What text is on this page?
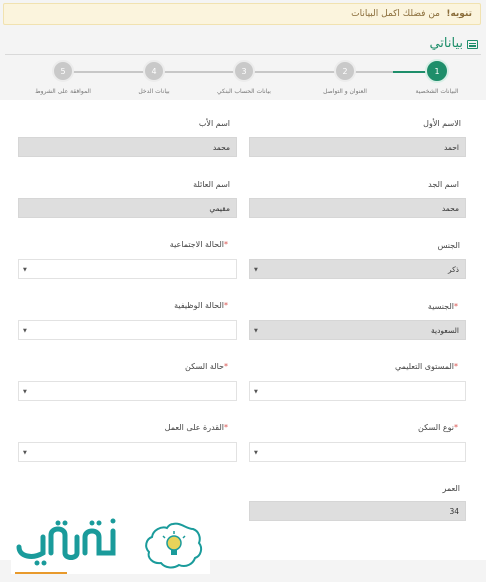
تنويه!
من فضلك اكمل البيانات
بياناتي
1
2
3
4
5
البيانات الشخصية
العنوان و التواصل
بيانات الحساب البنكي
بيانات الدخل
الموافقة على الشروط
الاسم الأول
احمد
اسم الأب
محمد
اسم الجد
محمد
اسم العائلة
مقيمي
الجنس
ذكر
▼
*الحالة الاجتماعية
▼
*الجنسية
السعودية
▼
*الحالة الوظيفية
▼
*المستوى التعليمي
▼
*حالة السكن
▼
*نوع السكن
▼
*القدرة على العمل
▼
العمر
34
